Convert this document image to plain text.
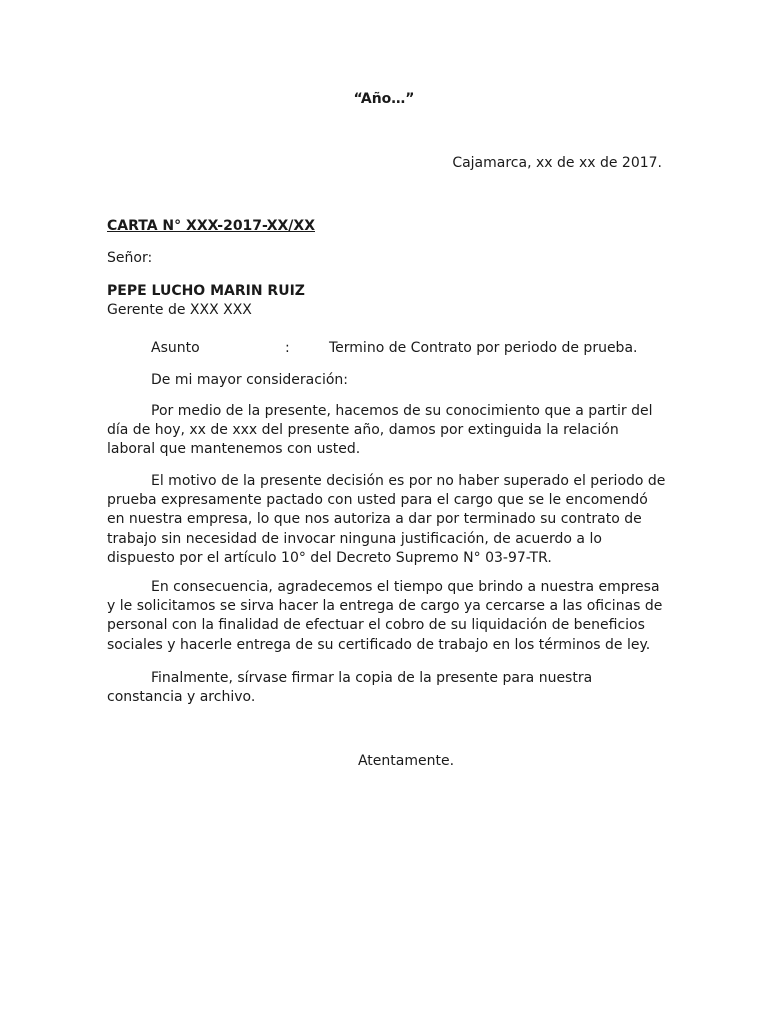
“Año…”

Cajamarca, xx de xx de 2017.

CARTA N° XXX-2017-XX/XX

Señor:

PEPE LUCHO MARIN RUIZ

Gerente de XXX XXX

Asunto	:	Termino de Contrato por periodo de prueba.

De mi mayor consideración:

Por medio de la presente, hacemos de su conocimiento que a partir del día de hoy, xx de xxx del presente año, damos por extinguida la relación laboral que mantenemos con usted.

El motivo de la presente decisión es por no haber superado el periodo de prueba expresamente pactado con usted para el cargo que se le encomendó en nuestra empresa, lo que nos autoriza a dar por terminado su contrato de trabajo sin necesidad de invocar ninguna justificación, de acuerdo a lo dispuesto por el artículo 10° del Decreto Supremo N° 03-97-TR.

En consecuencia, agradecemos el tiempo que brindo a nuestra empresa y le solicitamos se sirva hacer la entrega de cargo ya cercarse a las oficinas de personal con la finalidad de efectuar el cobro de su liquidación de beneficios sociales y hacerle entrega de su certificado de trabajo en los términos de ley.

Finalmente, sírvase firmar la copia de la presente para nuestra constancia y archivo.

Atentamente.
